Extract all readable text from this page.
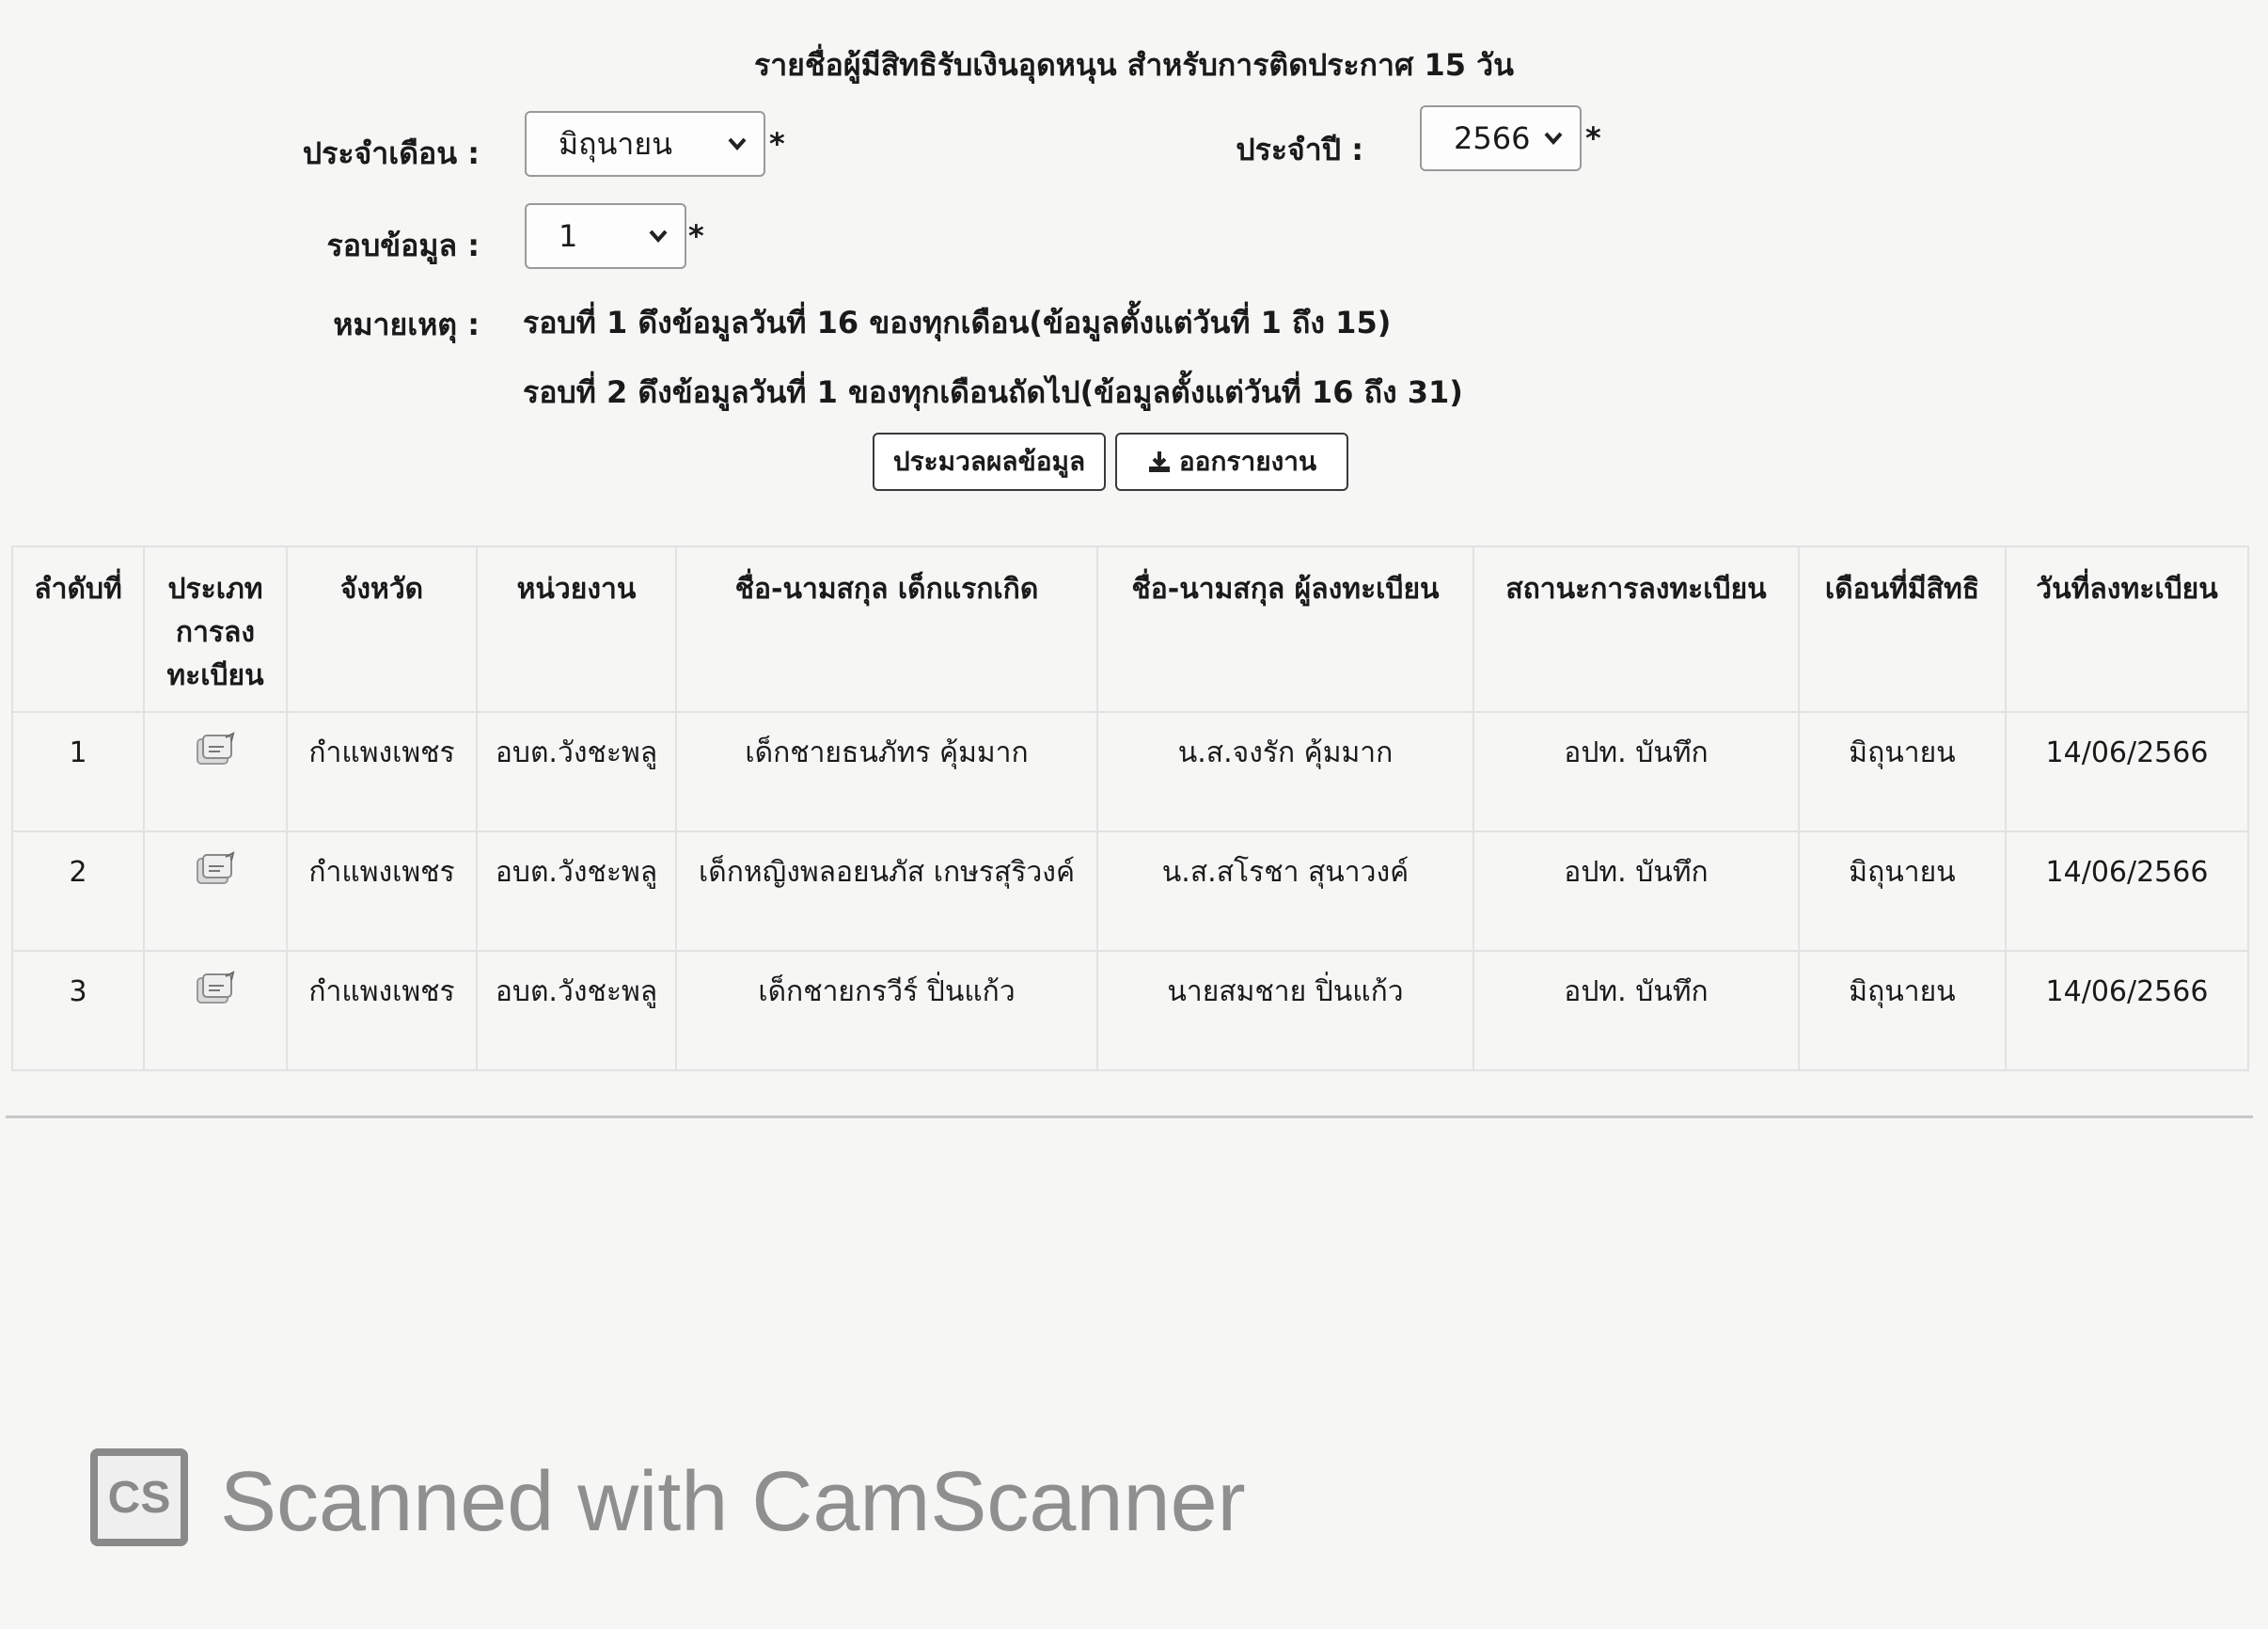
รายชื่อผู้มีสิทธิรับเงินอุดหนุน สำหรับการติดประกาศ 15 วัน
ประจำเดือน :	มิถุนายน	*	ประจำปี :	2566 *
รอบข้อมูล :	1	*
หมายเหตุ : รอบที่ 1 ดึงข้อมูลวันที่ 16 ของทุกเดือน(ข้อมูลตั้งแต่วันที่ 1 ถึง 15)
รอบที่ 2 ดึงข้อมูลวันที่ 1 ของทุกเดือนถัดไป(ข้อมูลตั้งแต่วันที่ 16 ถึง 31)
ประมวลผลข้อมูล	ออกรายงาน
ลำดับที่	ประเภทการลงทะเบียน	จังหวัด	หน่วยงาน	ชื่อ-นามสกุล เด็กแรกเกิด	ชื่อ-นามสกุล ผู้ลงทะเบียน	สถานะการลงทะเบียน	เดือนที่มีสิทธิ	วันที่ลงทะเบียน
1		กำแพงเพชร	อบต.วังชะพลู	เด็กชายธนภัทร คุ้มมาก	น.ส.จงรัก คุ้มมาก	อปท. บันทึก	มิถุนายน	14/06/2566
2		กำแพงเพชร	อบต.วังชะพลู	เด็กหญิงพลอยนภัส เกษรสุริวงค์	น.ส.สโรชา สุนาวงค์	อปท. บันทึก	มิถุนายน	14/06/2566
3		กำแพงเพชร	อบต.วังชะพลู	เด็กชายกรวีร์ ปิ่นแก้ว	นายสมชาย ปิ่นแก้ว	อปท. บันทึก	มิถุนายน	14/06/2566
CS Scanned with CamScanner
